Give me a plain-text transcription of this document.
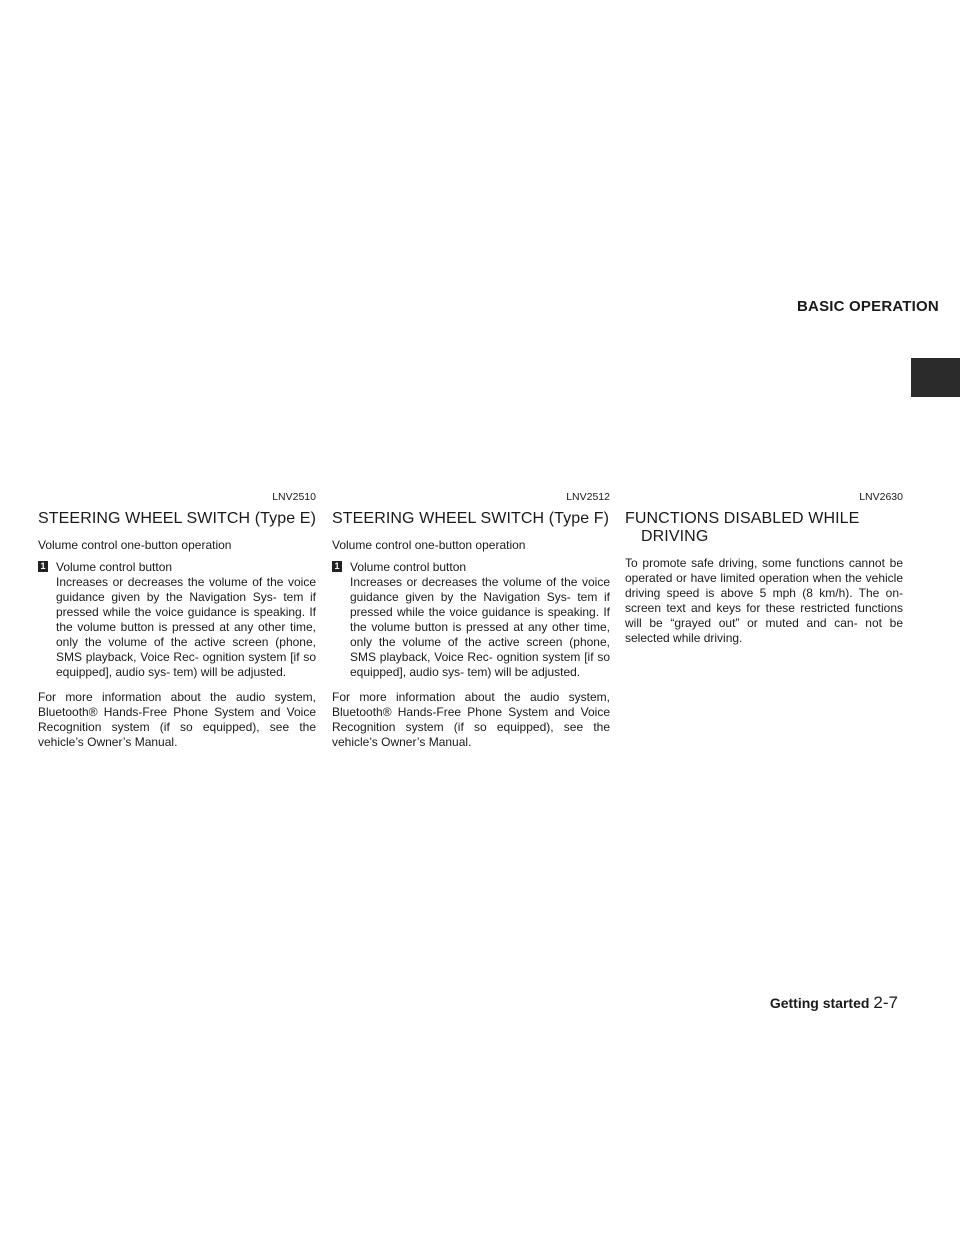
BASIC OPERATION
LNV2510
STEERING WHEEL SWITCH (Type E)
Volume control one-button operation
1 Volume control button
Increases or decreases the volume of the voice guidance given by the Navigation Sys- tem if pressed while the voice guidance is speaking. If the volume button is pressed at any other time, only the volume of the active screen (phone, SMS playback, Voice Rec- ognition system [if so equipped], audio sys- tem) will be adjusted.
For more information about the audio system, Bluetooth® Hands-Free Phone System and Voice Recognition system (if so equipped), see the vehicle’s Owner’s Manual.
LNV2512
STEERING WHEEL SWITCH (Type F)
Volume control one-button operation
1 Volume control button
Increases or decreases the volume of the voice guidance given by the Navigation Sys- tem if pressed while the voice guidance is speaking. If the volume button is pressed at any other time, only the volume of the active screen (phone, SMS playback, Voice Rec- ognition system [if so equipped], audio sys- tem) will be adjusted.
For more information about the audio system, Bluetooth® Hands-Free Phone System and Voice Recognition system (if so equipped), see the vehicle’s Owner’s Manual.
LNV2630
FUNCTIONS DISABLED WHILE
DRIVING
To promote safe driving, some functions cannot be operated or have limited operation when the vehicle driving speed is above 5 mph (8 km/h). The on-screen text and keys for these restricted functions will be “grayed out” or muted and can- not be selected while driving.
Getting started 2-7
